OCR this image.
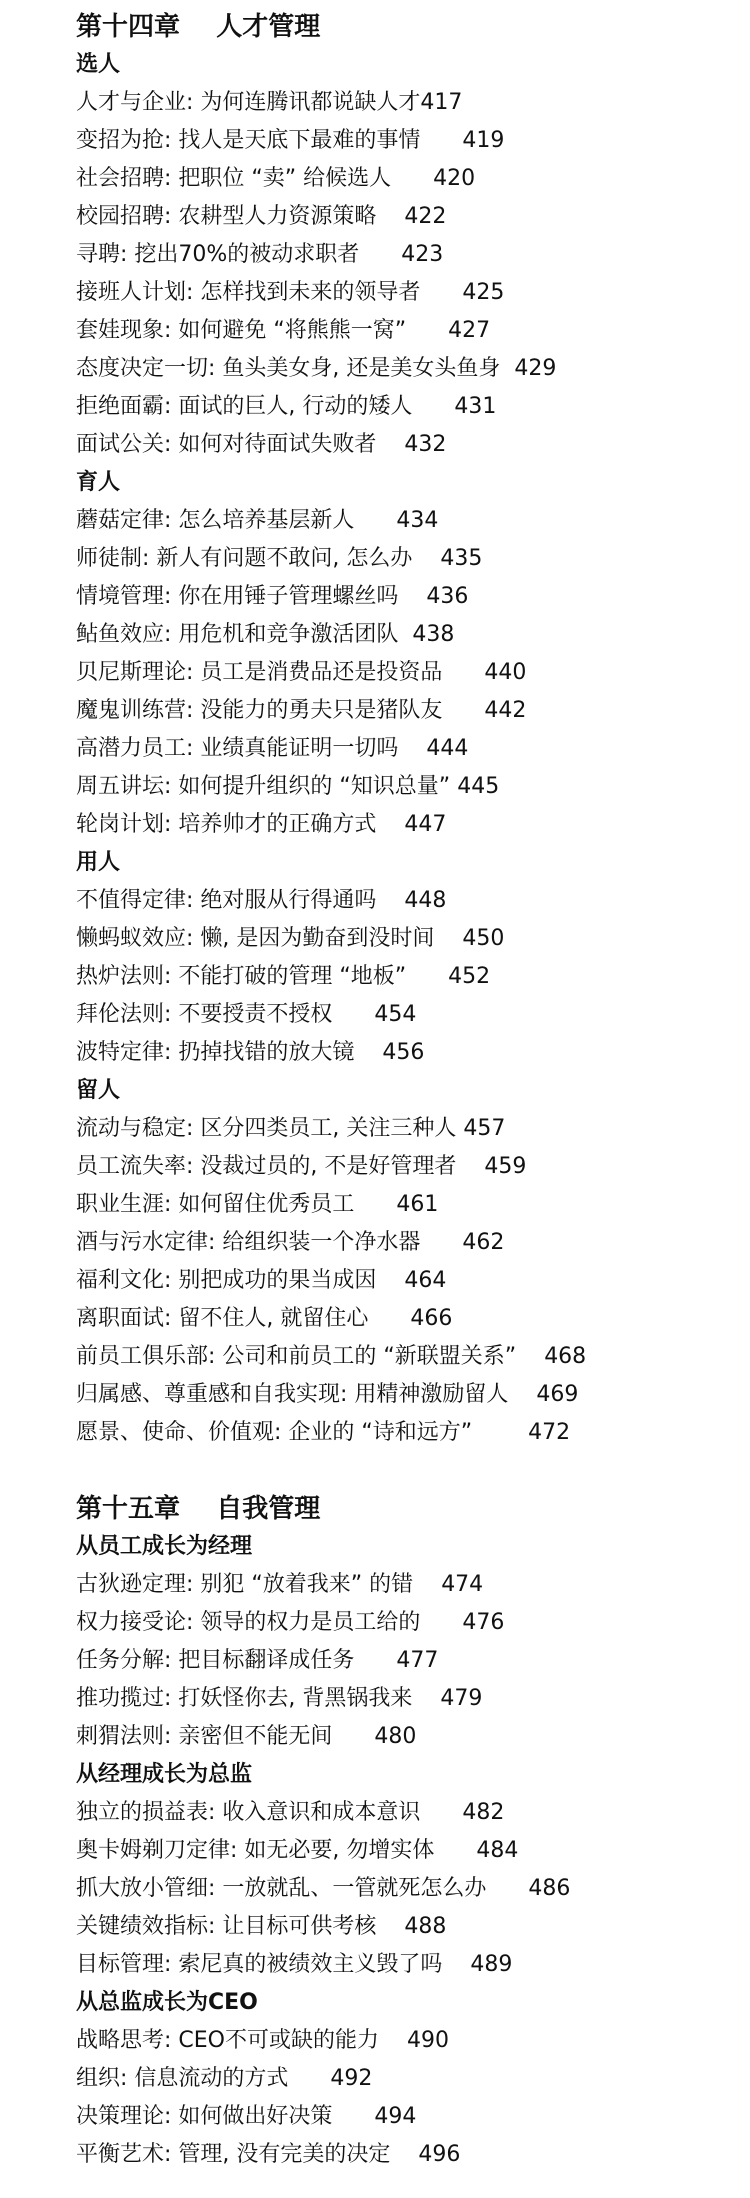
第十四章    人才管理
选人
人才与企业: 为何连腾讯都说缺人才417
变招为抢: 找人是天底下最难的事情 419
社会招聘: 把职位 “卖” 给候选人 420
校园招聘: 农耕型人力资源策略 422
寻聘: 挖出70%的被动求职者 423
接班人计划: 怎样找到未来的领导者 425
套娃现象: 如何避免 “将熊熊一窝” 427
态度决定一切: 鱼头美女身, 还是美女头鱼身 429
拒绝面霸: 面试的巨人, 行动的矮人 431
面试公关: 如何对待面试失败者 432
育人
蘑菇定律: 怎么培养基层新人 434
师徒制: 新人有问题不敢问, 怎么办 435
情境管理: 你在用锤子管理螺丝吗 436
鲇鱼效应: 用危机和竞争激活团队 438
贝尼斯理论: 员工是消费品还是投资品 440
魔鬼训练营: 没能力的勇夫只是猪队友 442
高潜力员工: 业绩真能证明一切吗 444
周五讲坛: 如何提升组织的 “知识总量” 445
轮岗计划: 培养帅才的正确方式 447
用人
不值得定律: 绝对服从行得通吗 448
懒蚂蚁效应: 懒, 是因为勤奋到没时间 450
热炉法则: 不能打破的管理 “地板” 452
拜伦法则: 不要授责不授权 454
波特定律: 扔掉找错的放大镜 456
留人
流动与稳定: 区分四类员工, 关注三种人 457
员工流失率: 没裁过员的, 不是好管理者 459
职业生涯: 如何留住优秀员工 461
酒与污水定律: 给组织装一个净水器 462
福利文化: 别把成功的果当成因 464
离职面试: 留不住人, 就留住心 466
前员工俱乐部: 公司和前员工的 “新联盟关系” 468
归属感、尊重感和自我实现: 用精神激励留人 469
愿景、使命、价值观: 企业的 “诗和远方”	472
第十五章    自我管理
从员工成长为经理
古狄逊定理: 别犯 “放着我来” 的错 474
权力接受论: 领导的权力是员工给的 476
任务分解: 把目标翻译成任务 477
推功揽过: 打妖怪你去, 背黑锅我来 479
刺猬法则: 亲密但不能无间 480
从经理成长为总监
独立的损益表: 收入意识和成本意识 482
奥卡姆剃刀定律: 如无必要, 勿增实体 484
抓大放小管细: 一放就乱、一管就死怎么办 486
关键绩效指标: 让目标可供考核 488
目标管理: 索尼真的被绩效主义毁了吗 489
从总监成长为CEO
战略思考: CEO不可或缺的能力 490
组织: 信息流动的方式 492
决策理论: 如何做出好决策 494
平衡艺术: 管理, 没有完美的决定 496
